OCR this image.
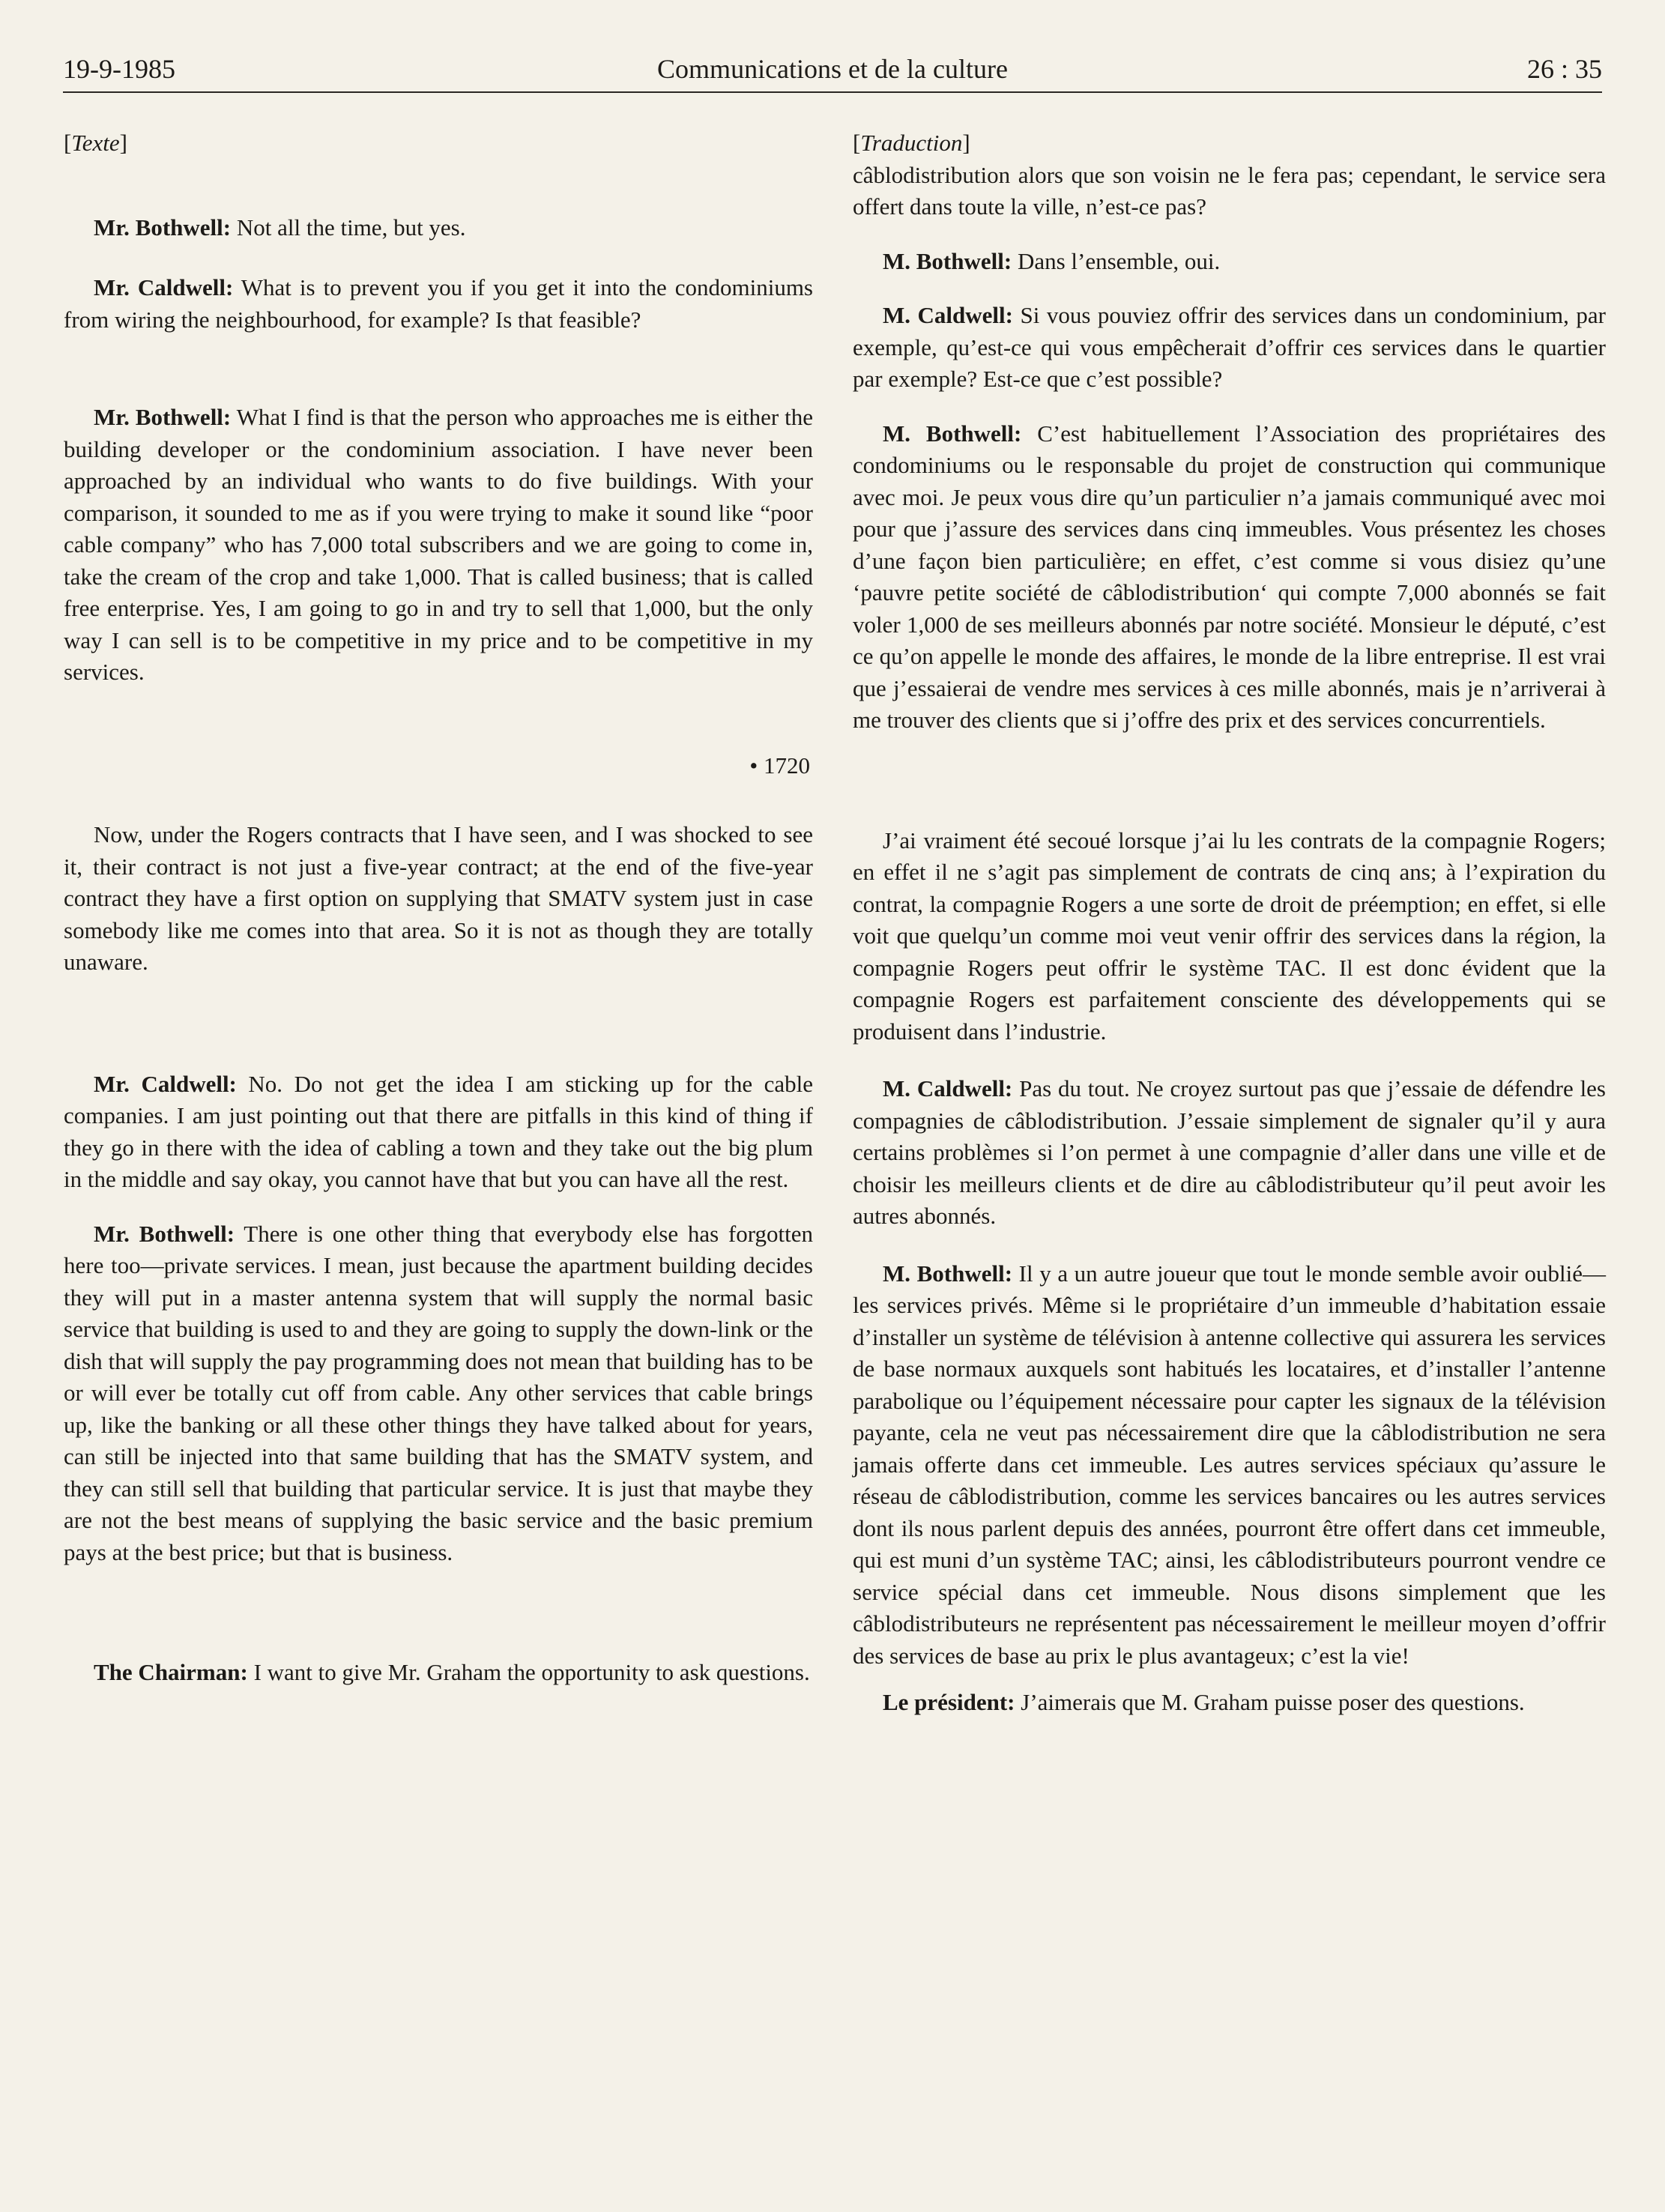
19-9-1985	Communications et de la culture	26 : 35

[Texte]

Mr. Bothwell: Not all the time, but yes.

Mr. Caldwell: What is to prevent you if you get it into the condominiums from wiring the neighbourhood, for example? Is that feasible?

Mr. Bothwell: What I find is that the person who approaches me is either the building developer or the condominium association. I have never been approached by an individual who wants to do five buildings. With your comparison, it sounded to me as if you were trying to make it sound like “poor cable company” who has 7,000 total subscribers and we are going to come in, take the cream of the crop and take 1,000. That is called business; that is called free enterprise. Yes, I am going to go in and try to sell that 1,000, but the only way I can sell is to be competitive in my price and to be competitive in my services.

• 1720

Now, under the Rogers contracts that I have seen, and I was shocked to see it, their contract is not just a five-year contract; at the end of the five-year contract they have a first option on supplying that SMATV system just in case somebody like me comes into that area. So it is not as though they are totally unaware.

Mr. Caldwell: No. Do not get the idea I am sticking up for the cable companies. I am just pointing out that there are pitfalls in this kind of thing if they go in there with the idea of cabling a town and they take out the big plum in the middle and say okay, you cannot have that but you can have all the rest.

Mr. Bothwell: There is one other thing that everybody else has forgotten here too—private services. I mean, just because the apartment building decides they will put in a master antenna system that will supply the normal basic service that building is used to and they are going to supply the down-link or the dish that will supply the pay programming does not mean that building has to be or will ever be totally cut off from cable. Any other services that cable brings up, like the banking or all these other things they have talked about for years, can still be injected into that same building that has the SMATV system, and they can still sell that building that particular service. It is just that maybe they are not the best means of supplying the basic service and the basic premium pays at the best price; but that is business.

The Chairman: I want to give Mr. Graham the opportunity to ask questions.

[Traduction]

câblodistribution alors que son voisin ne le fera pas; cependant, le service sera offert dans toute la ville, n’est-ce pas?

M. Bothwell: Dans l’ensemble, oui.

M. Caldwell: Si vous pouviez offrir des services dans un condominium, par exemple, qu’est-ce qui vous empêcherait d’offrir ces services dans le quartier par exemple? Est-ce que c’est possible?

M. Bothwell: C’est habituellement l’Association des propriétaires des condominiums ou le responsable du projet de construction qui communique avec moi. Je peux vous dire qu’un particulier n’a jamais communiqué avec moi pour que j’assure des services dans cinq immeubles. Vous présentez les choses d’une façon bien particulière; en effet, c’est comme si vous disiez qu’une ‘pauvre petite société de câblodistribution‘ qui compte 7,000 abonnés se fait voler 1,000 de ses meilleurs abonnés par notre société. Monsieur le député, c’est ce qu’on appelle le monde des affaires, le monde de la libre entreprise. Il est vrai que j’essaierai de vendre mes services à ces mille abonnés, mais je n’arriverai à me trouver des clients que si j’offre des prix et des services concurrentiels.

J’ai vraiment été secoué lorsque j’ai lu les contrats de la compagnie Rogers; en effet il ne s’agit pas simplement de contrats de cinq ans; à l’expiration du contrat, la compagnie Rogers a une sorte de droit de préemption; en effet, si elle voit que quelqu’un comme moi veut venir offrir des services dans la région, la compagnie Rogers peut offrir le système TAC. Il est donc évident que la compagnie Rogers est parfaitement consciente des développements qui se produisent dans l’industrie.

M. Caldwell: Pas du tout. Ne croyez surtout pas que j’essaie de défendre les compagnies de câblodistribution. J’essaie simplement de signaler qu’il y aura certains problèmes si l’on permet à une compagnie d’aller dans une ville et de choisir les meilleurs clients et de dire au câblodistributeur qu’il peut avoir les autres abonnés.

M. Bothwell: Il y a un autre joueur que tout le monde semble avoir oublié—les services privés. Même si le propriétaire d’un immeuble d’habitation essaie d’installer un système de télévision à antenne collective qui assurera les services de base normaux auxquels sont habitués les locataires, et d’installer l’antenne parabolique ou l’équipement nécessaire pour capter les signaux de la télévision payante, cela ne veut pas nécessairement dire que la câblodistribution ne sera jamais offerte dans cet immeuble. Les autres services spéciaux qu’assure le réseau de câblodistribution, comme les services bancaires ou les autres services dont ils nous parlent depuis des années, pourront être offert dans cet immeuble, qui est muni d’un système TAC; ainsi, les câblodistributeurs pourront vendre ce service spécial dans cet immeuble. Nous disons simplement que les câblodistributeurs ne représentent pas nécessairement le meilleur moyen d’offrir des services de base au prix le plus avantageux; c’est la vie!

Le président: J’aimerais que M. Graham puisse poser des questions.
